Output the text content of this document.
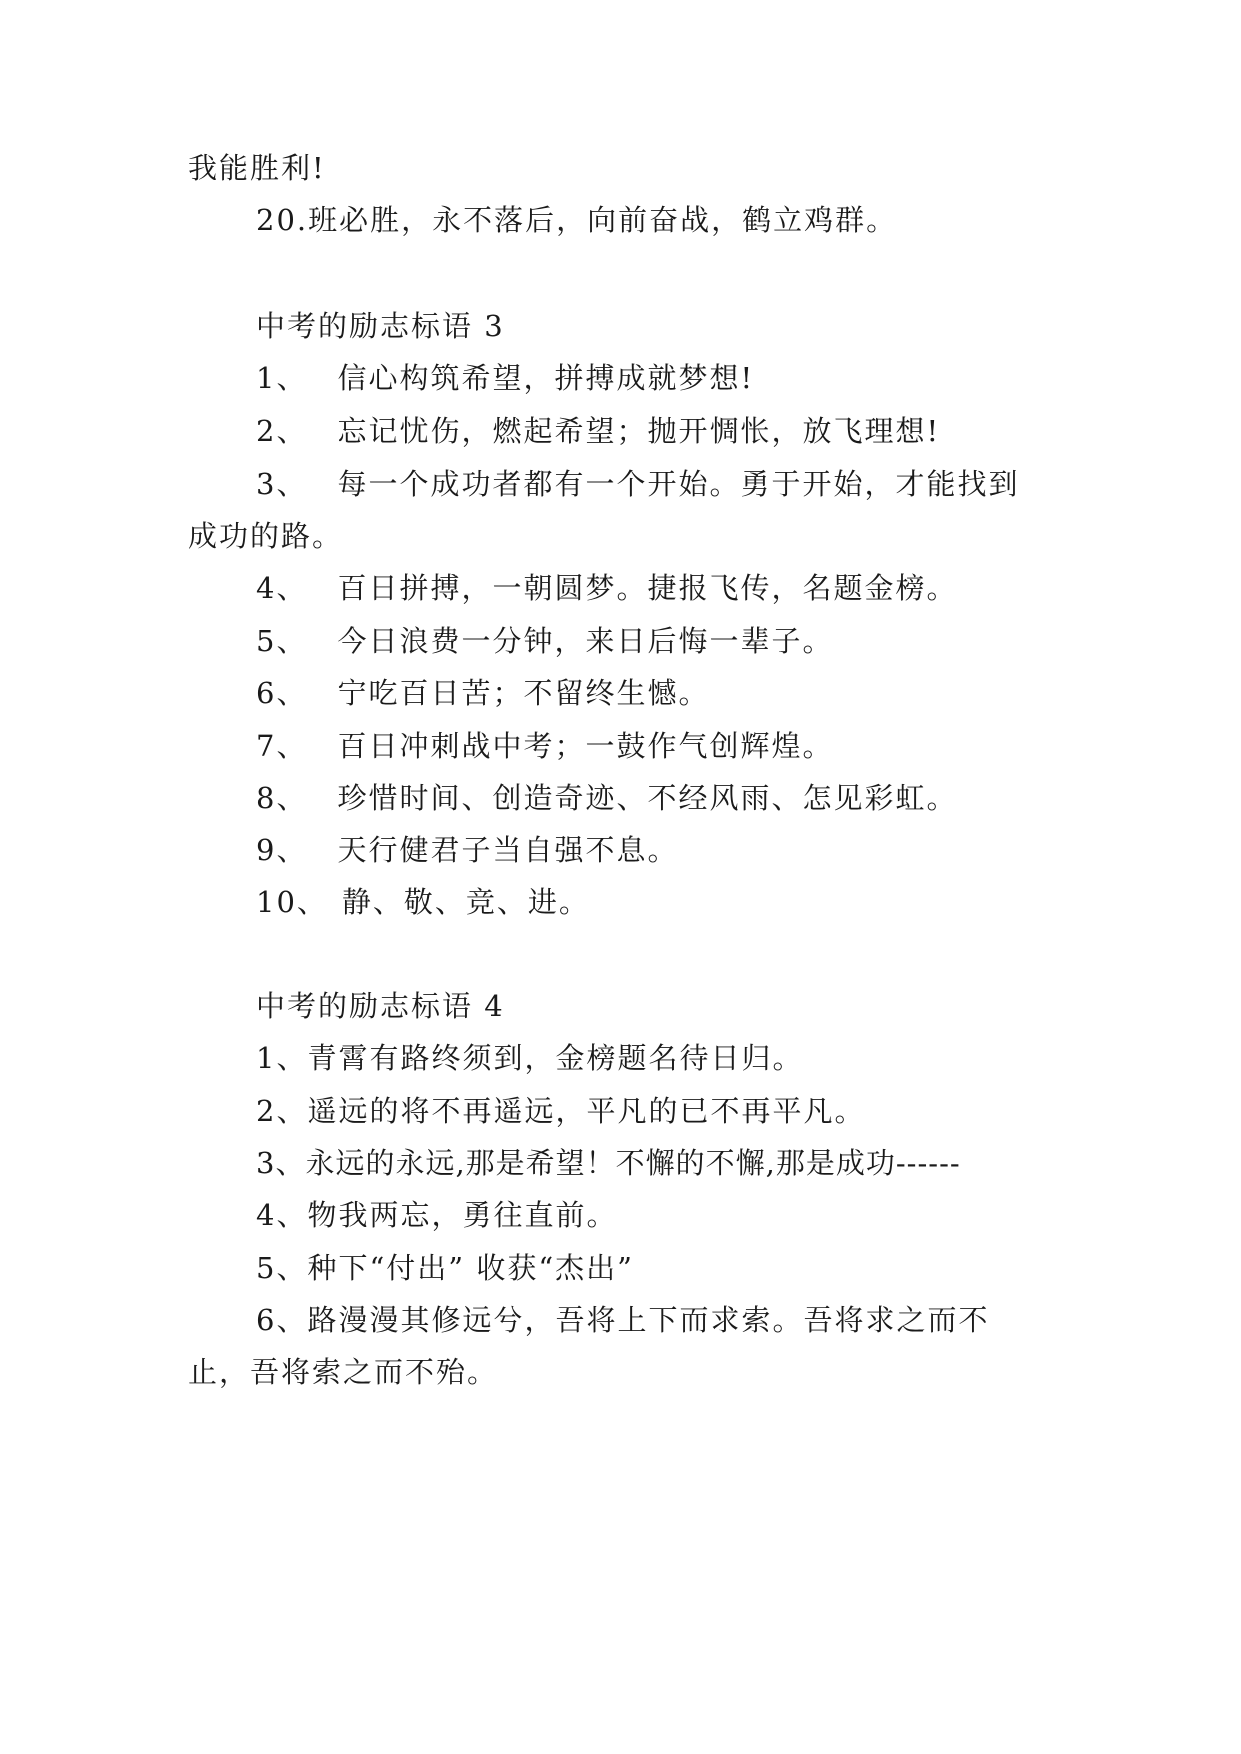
我能胜利!
20.班必胜，永不落后，向前奋战，鹤立鸡群。
中考的励志标语 3
1、 信心构筑希望，拼搏成就梦想!
2、 忘记忧伤，燃起希望；抛开惆怅，放飞理想!
3、 每一个成功者都有一个开始。勇于开始，才能找到
成功的路。
4、 百日拼搏，一朝圆梦。捷报飞传，名题金榜。
5、 今日浪费一分钟，来日后悔一辈子。
6、 宁吃百日苦；不留终生憾。
7、 百日冲刺战中考；一鼓作气创辉煌。
8、 珍惜时间、创造奇迹、不经风雨、怎见彩虹。
9、 天行健君子当自强不息。
10、 静、敬、竞、进。
中考的励志标语 4
1、青霄有路终须到，金榜题名待日归。
2、遥远的将不再遥远，平凡的已不再平凡。
3、永远的永远,那是希望！不懈的不懈,那是成功------
4、物我两忘，勇往直前。
5、种下“付出” 收获“杰出”
6、路漫漫其修远兮，吾将上下而求索。吾将求之而不
止，吾将索之而不殆。
